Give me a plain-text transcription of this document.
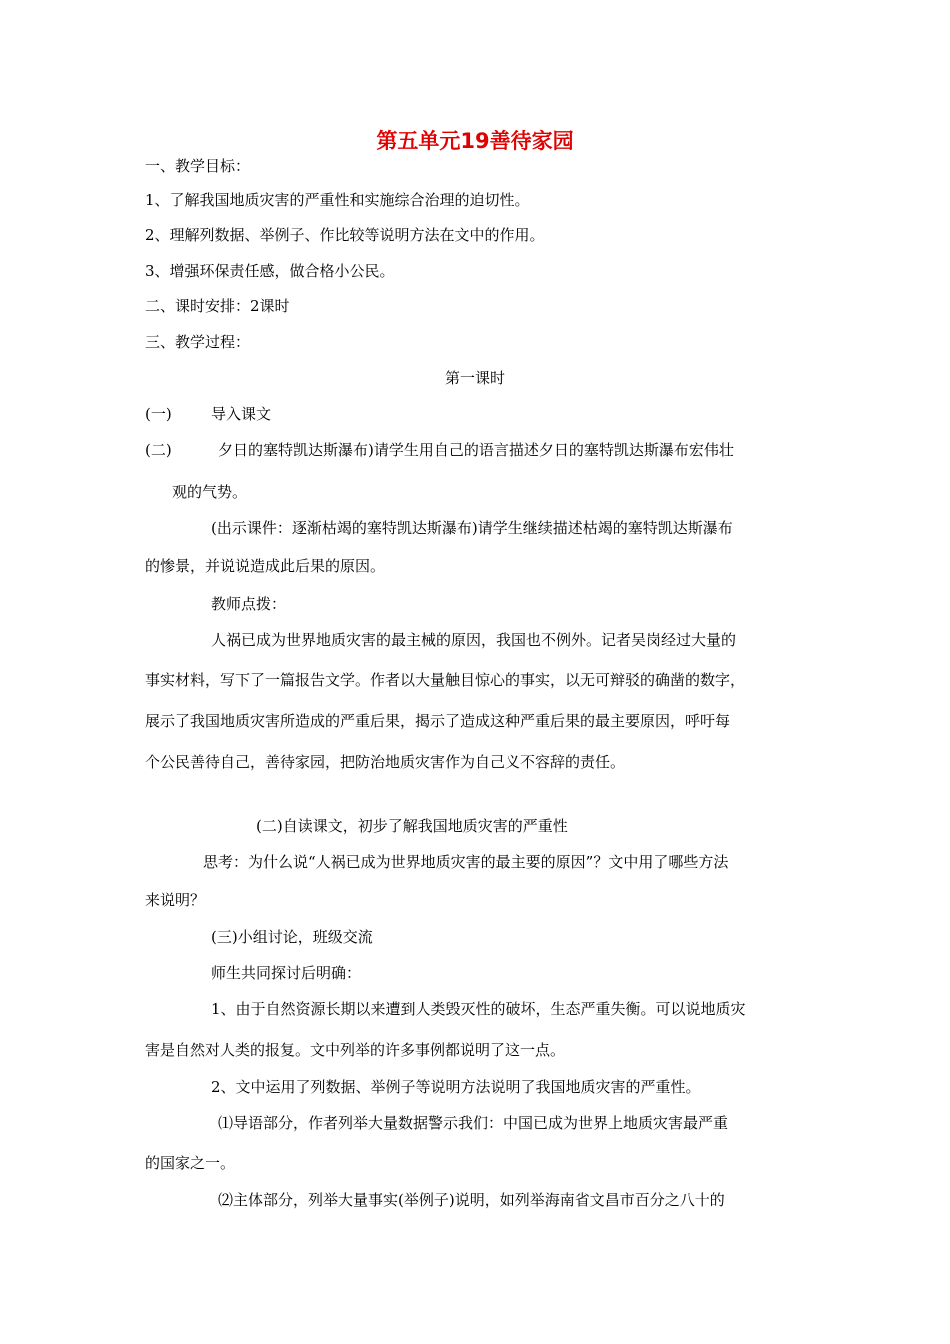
第五单元19善待家园
一、教学目标：
1、了解我国地质灾害的严重性和实施综合治理的迫切性。
2、理解列数据、举例子、作比较等说明方法在文中的作用。
3、增强环保责任感，做合格小公民。
二、课时安排：2课时
三、教学过程：
第一课时
(一)	导入课文
(二)	夕日的塞特凯达斯瀑布)请学生用自己的语言描述夕日的塞特凯达斯瀑布宏伟壮
观的气势。
(出示课件：逐渐枯竭的塞特凯达斯瀑布)请学生继续描述枯竭的塞特凯达斯瀑布
的惨景，并说说造成此后果的原因。
教师点拨：
人祸已成为世界地质灾害的最主械的原因，我国也不例外。记者吴岗经过大量的
事实材料，写下了一篇报告文学。作者以大量触目惊心的事实，以无可辩驳的确凿的数字，
展示了我国地质灾害所造成的严重后果，揭示了造成这种严重后果的最主要原因，呼吁每
个公民善待自己，善待家园，把防治地质灾害作为自己义不容辞的责任。
(二)自读课文，初步了解我国地质灾害的严重性
思考：为什么说“人祸已成为世界地质灾害的最主要的原因”？文中用了哪些方法
来说明？
(三)小组讨论，班级交流
师生共同探讨后明确：
1、由于自然资源长期以来遭到人类毁灭性的破坏，生态严重失衡。可以说地质灾
害是自然对人类的报复。文中列举的许多事例都说明了这一点。
2、文中运用了列数据、举例子等说明方法说明了我国地质灾害的严重性。
⑴导语部分，作者列举大量数据警示我们：中国已成为世界上地质灾害最严重
的国家之一。
⑵主体部分，列举大量事实(举例子)说明，如列举海南省文昌市百分之八十的
